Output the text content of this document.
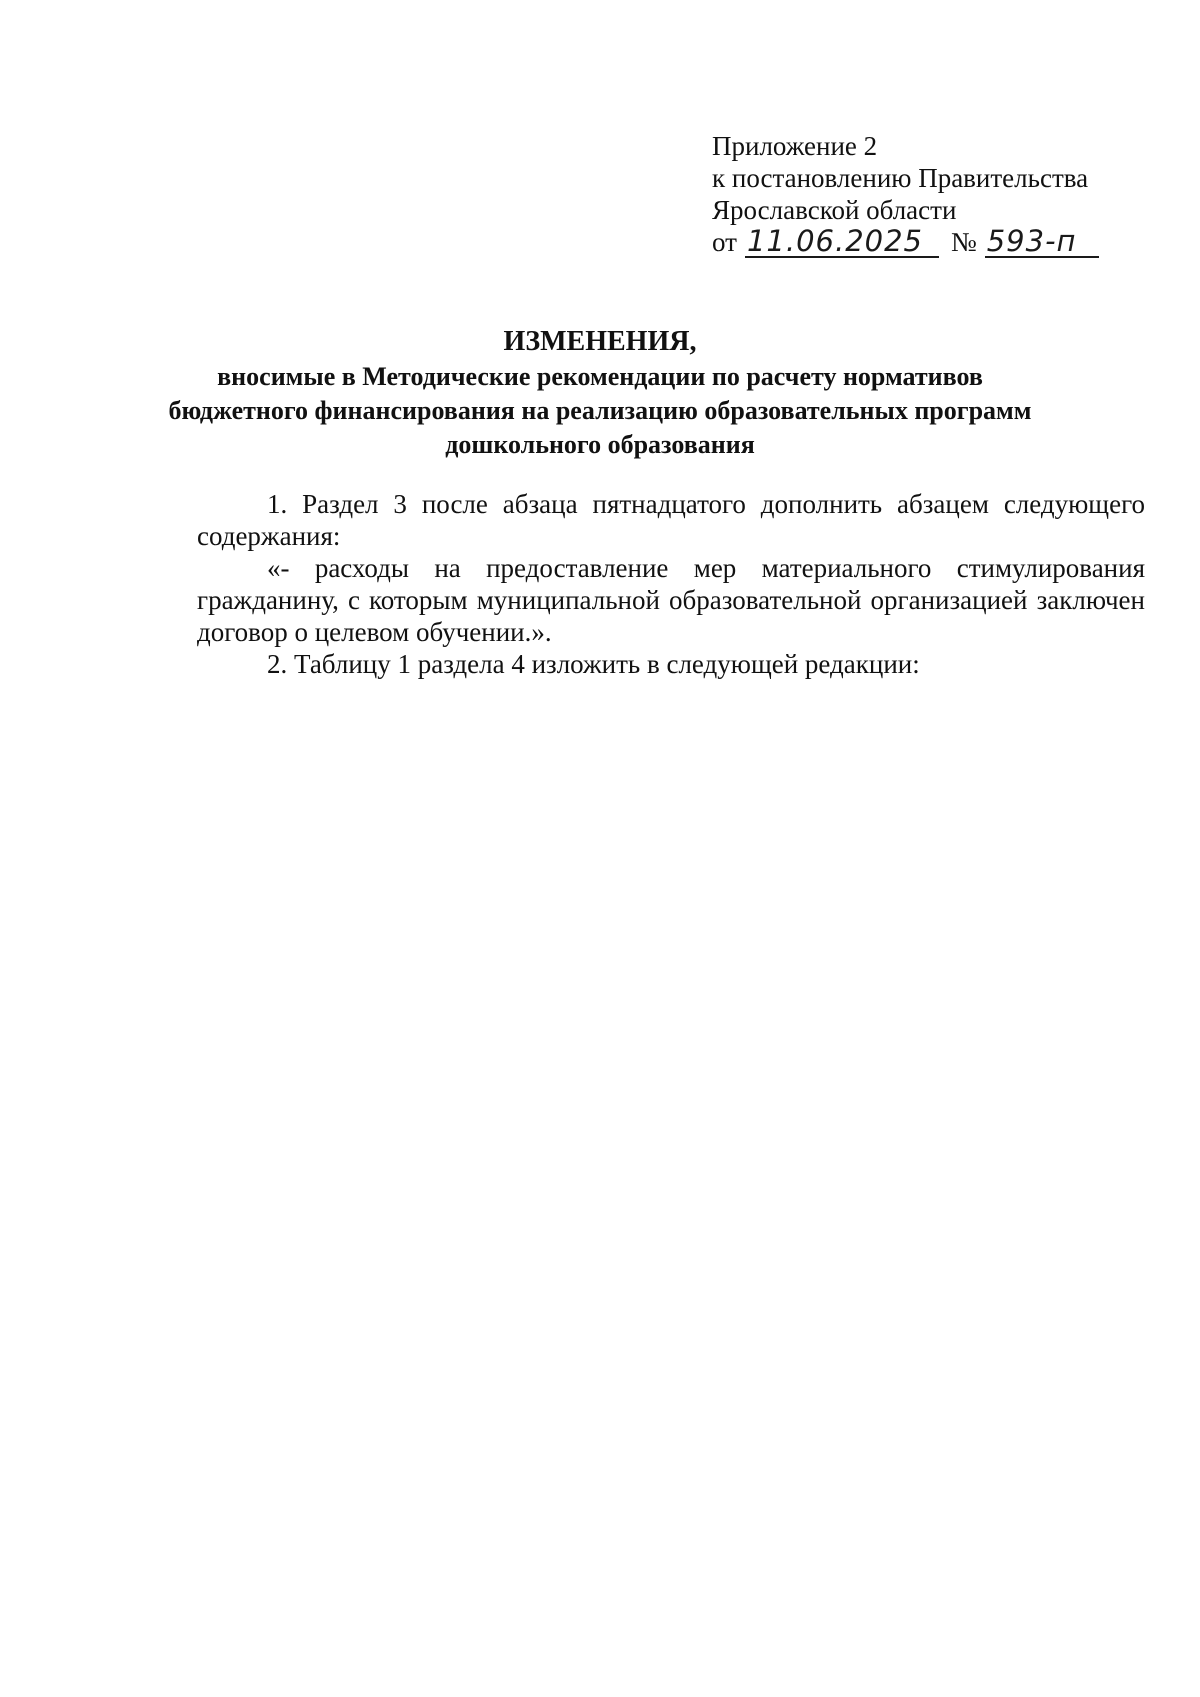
Приложение 2
к постановлению Правительства
Ярославской области
от 11.06.2025	№ 593-п
ИЗМЕНЕНИЯ,
вносимые в Методические рекомендации по расчету нормативов
бюджетного финансирования на реализацию образовательных программ
дошкольного образования

1. Раздел 3 после абзаца пятнадцатого дополнить абзацем следующего содержания:

«- расходы на предоставление мер материального стимулирования гражданину, с которым муниципальной образовательной организацией заключен договор о целевом обучении.».

2. Таблицу 1 раздела 4 изложить в следующей редакции:
